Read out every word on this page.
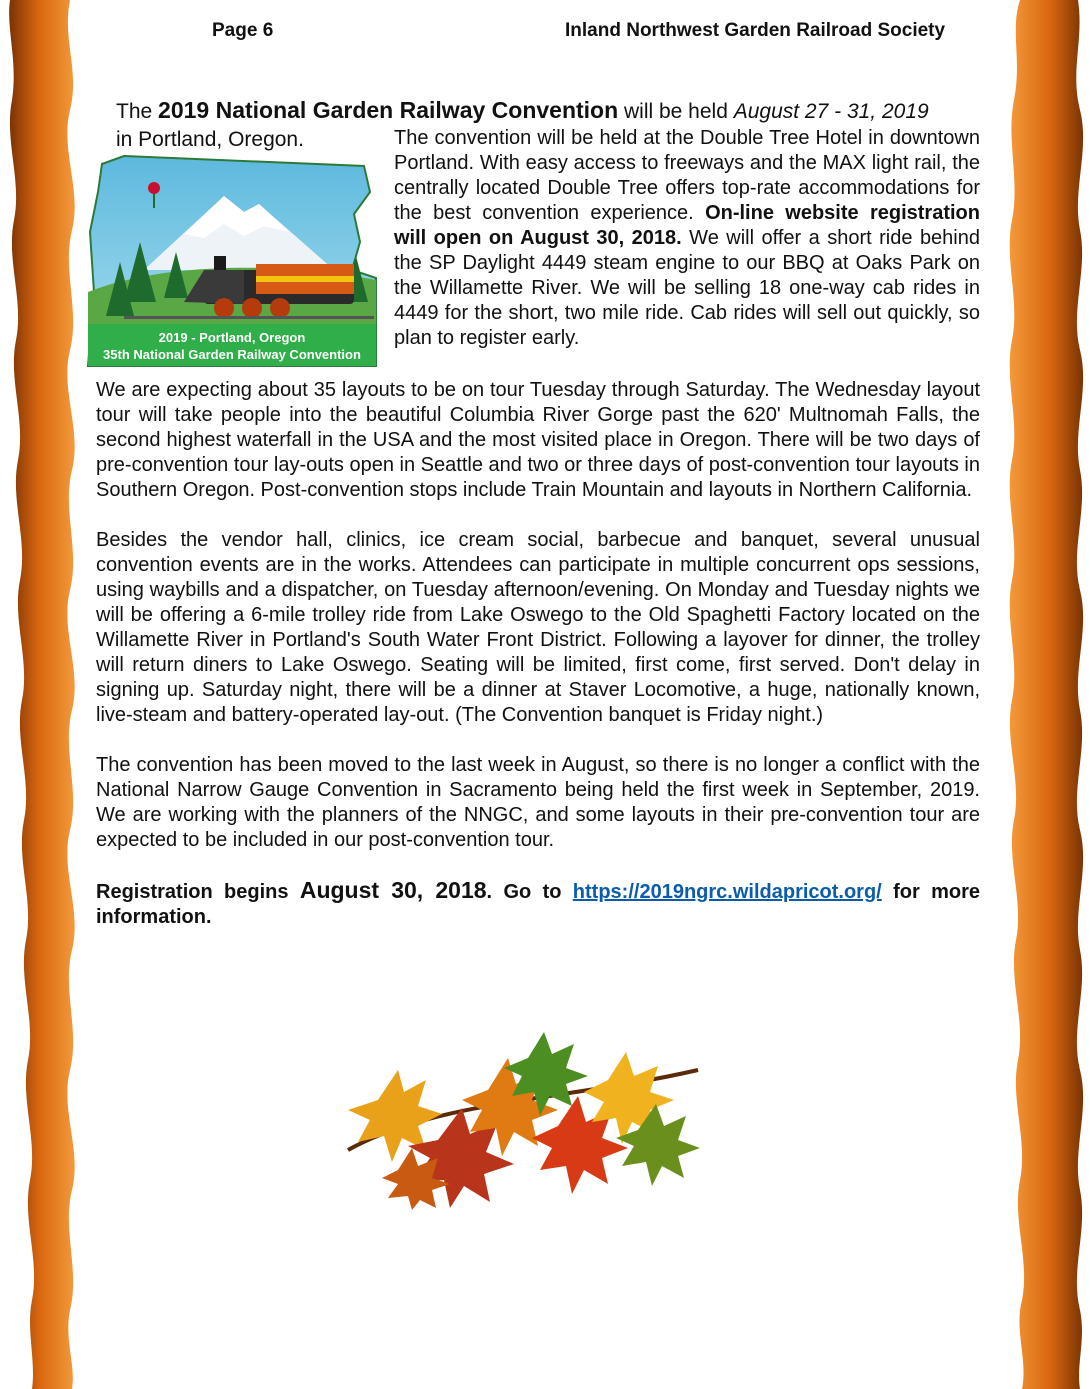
Page 6	Inland Northwest Garden Railroad Society
The 2019 National Garden Railway Convention will be held August 27 - 31, 2019
in Portland, Oregon.
2019 - Portland, Oregon
35th National Garden Railway Convention

The convention will be held at the Double Tree Hotel in downtown Portland. With easy access to freeways and the MAX light rail, the centrally located Double Tree offers top-rate accommodations for the best convention experience. On-line website registration will open on August 30, 2018. We will offer a short ride behind the SP Daylight 4449 steam engine to our BBQ at Oaks Park on the Willamette River. We will be selling 18 one-way cab rides in 4449 for the short, two mile ride. Cab rides will sell out quickly, so plan to register early.

We are expecting about 35 layouts to be on tour Tuesday through Saturday. The Wednesday layout tour will take people into the beautiful Columbia River Gorge past the 620' Multnomah Falls, the second highest waterfall in the USA and the most visited place in Oregon. There will be two days of pre-convention tour lay-outs open in Seattle and two or three days of post-convention tour layouts in Southern Oregon. Post-convention stops include Train Mountain and layouts in Northern California.

Besides the vendor hall, clinics, ice cream social, barbecue and banquet, several unusual convention events are in the works. Attendees can participate in multiple concurrent ops sessions, using waybills and a dispatcher, on Tuesday afternoon/evening. On Monday and Tuesday nights we will be offering a 6-mile trolley ride from Lake Oswego to the Old Spaghetti Factory located on the Willamette River in Portland's South Water Front District. Following a layover for dinner, the trolley will return diners to Lake Oswego. Seating will be limited, first come, first served. Don't delay in signing up. Saturday night, there will be a dinner at Staver Locomotive, a huge, nationally known, live-steam and battery-operated lay-out. (The Convention banquet is Friday night.)

The convention has been moved to the last week in August, so there is no longer a conflict with the National Narrow Gauge Convention in Sacramento being held the first week in September, 2019. We are working with the planners of the NNGC, and some layouts in their pre-convention tour are expected to be included in our post-convention tour.

Registration begins August 30, 2018. Go to https://2019ngrc.wildapricot.org/ for more information.
